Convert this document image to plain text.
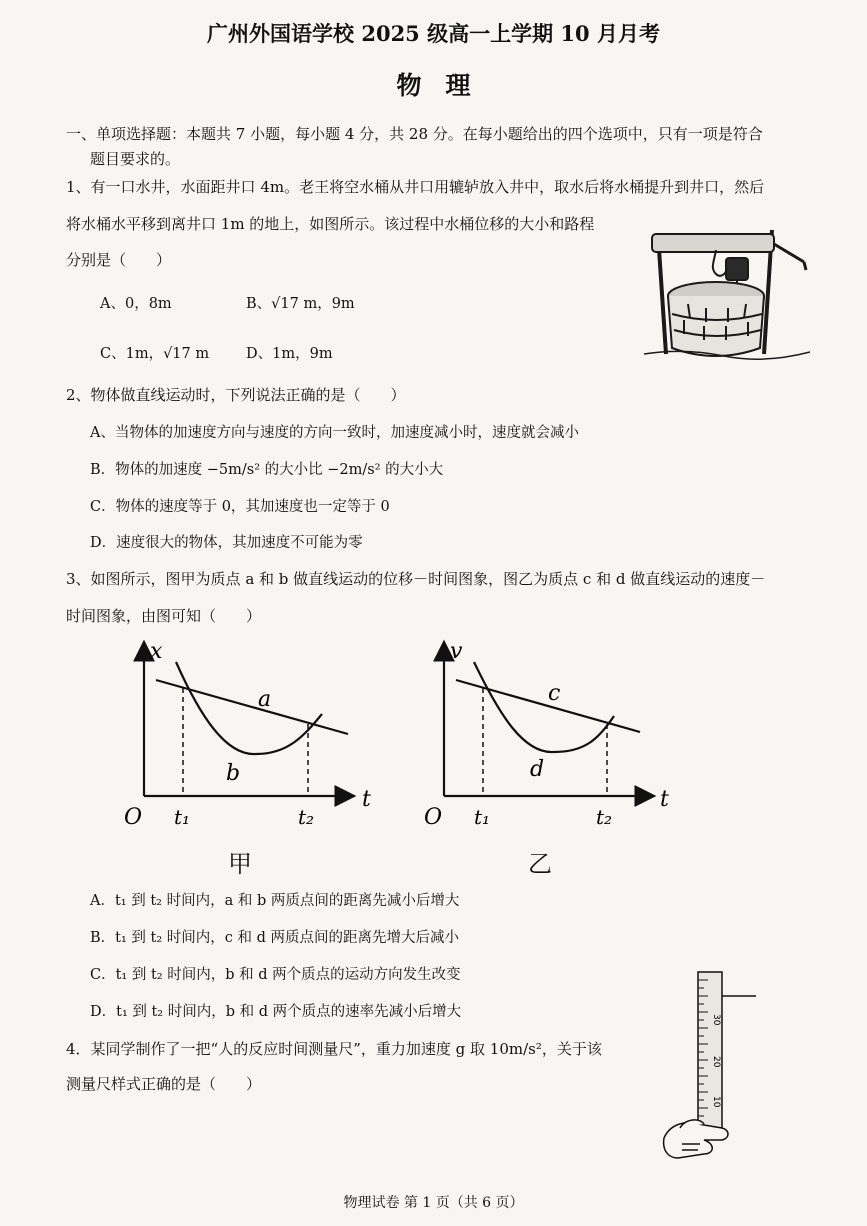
广州外国语学校 2025 级高一上学期 10 月月考
物理
一、单项选择题：本题共 7 小题，每小题 4 分，共 28 分。在每小题给出的四个选项中，只有一项是符合
题目要求的。
1、有一口水井，水面距井口 4m。老王将空水桶从井口用辘轳放入井中，取水后将水桶提升到井口，然后
将水桶水平移到离井口 1m 的地上，如图所示。该过程中水桶位移的大小和路程
分别是（　　）
A、0，8m	B、√17 m，9m
C、1m，√17 m	D、1m，9m
2、物体做直线运动时，下列说法正确的是（　　）
A、当物体的加速度方向与速度的方向一致时，加速度减小时，速度就会减小
B．物体的加速度 −5m/s² 的大小比 −2m/s² 的大小大
C．物体的速度等于 0，其加速度也一定等于 0
D．速度很大的物体，其加速度不可能为零
3、如图所示，图甲为质点 a 和 b 做直线运动的位移－时间图象，图乙为质点 c 和 d 做直线运动的速度－
时间图象，由图可知（　　）
x
O t₁	t₂
t
a
b
甲
v
O t₁	t₂
t
c
d
乙
A．t₁ 到 t₂ 时间内，a 和 b 两质点间的距离先减小后增大
B．t₁ 到 t₂ 时间内，c 和 d 两质点间的距离先增大后减小
C．t₁ 到 t₂ 时间内，b 和 d 两个质点的运动方向发生改变
D．t₁ 到 t₂ 时间内，b 和 d 两个质点的速率先减小后增大
4．某同学制作了一把“人的反应时间测量尺”，重力加速度 g 取 10m/s²，关于该
测量尺样式正确的是（　　）
30
20
10
物理试卷 第 1 页（共 6 页）
